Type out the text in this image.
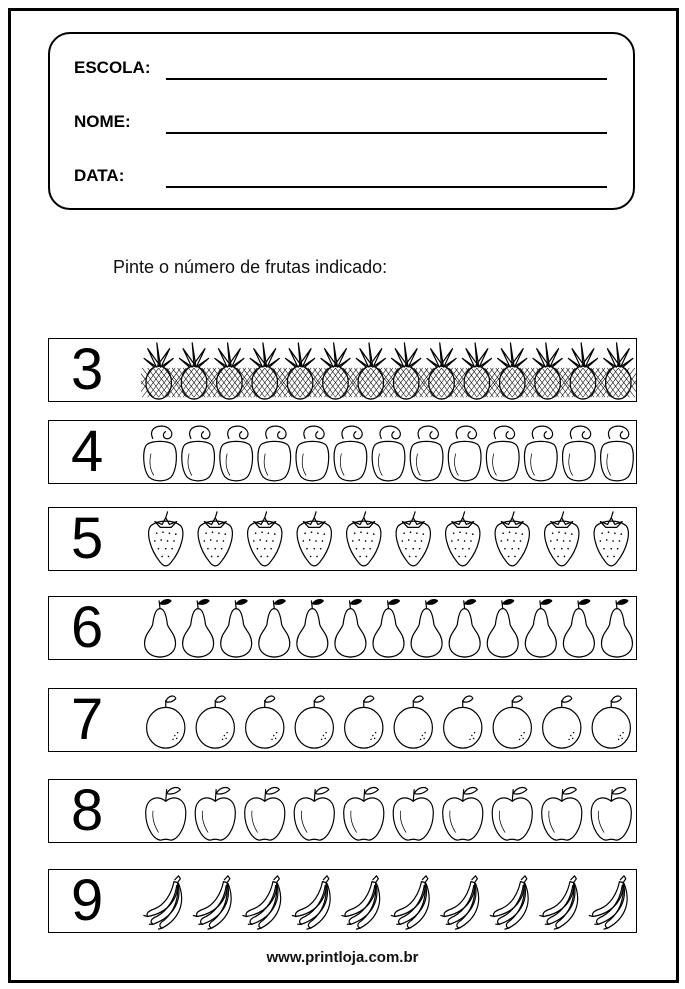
ESCOLA:
NOME:
DATA:
Pinte o número de frutas indicado:
3
4
5
6
7
8
9
www.printloja.com.br
